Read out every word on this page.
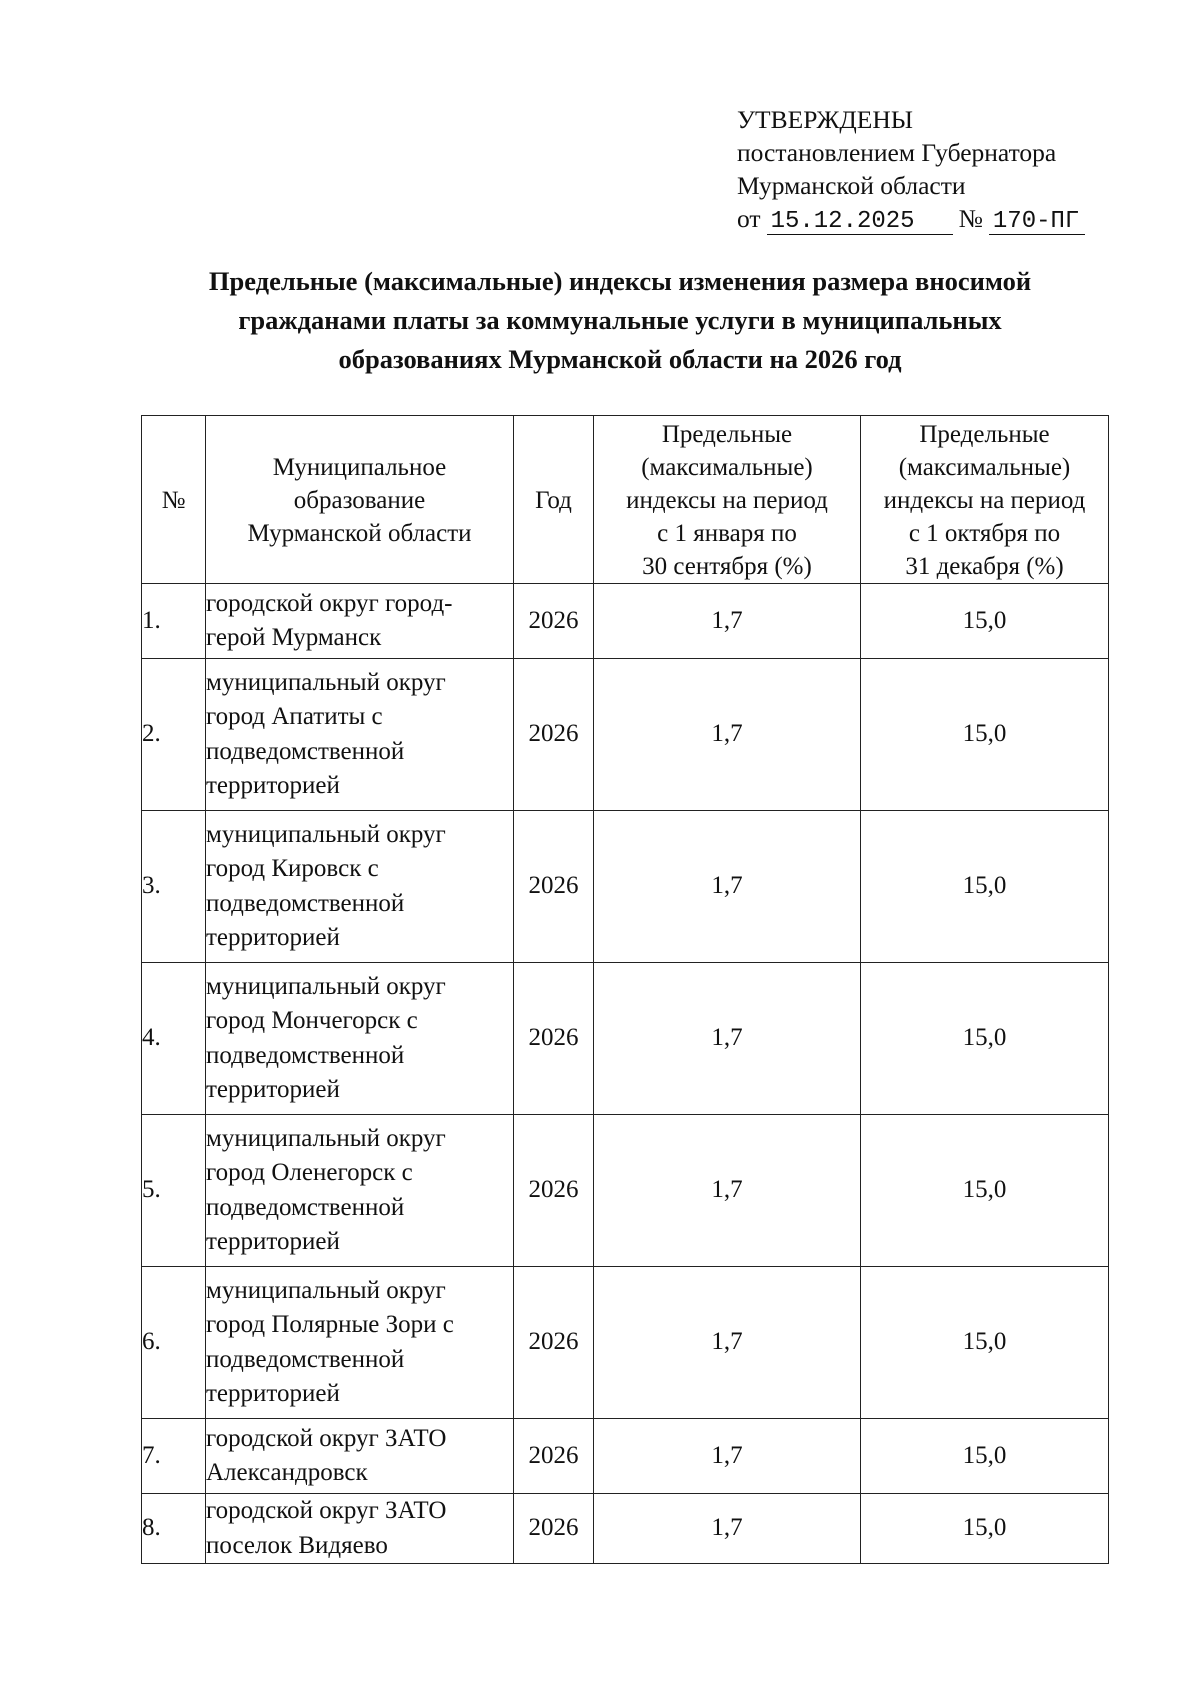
УТВЕРЖДЕНЫ
постановлением Губернатора
Мурманской области
от 15.12.2025 № 170-ПГ
Предельные (максимальные) индексы изменения размера вносимой
гражданами платы за коммунальные услуги в муниципальных
образованиях Мурманской области на 2026 год
№	Муниципальное
образование
Мурманской области	Год	Предельные
(максимальные)
индексы на период
с 1 января по
30 сентября (%)	Предельные
(максимальные)
индексы на период
с 1 октября по
31 декабря (%)
1.	городской округ город-
герой Мурманск	2026	1,7	15,0
2.	муниципальный округ
город Апатиты с
подведомственной
территорией	2026	1,7	15,0
3.	муниципальный округ
город Кировск с
подведомственной
территорией	2026	1,7	15,0
4.	муниципальный округ
город Мончегорск с
подведомственной
территорией	2026	1,7	15,0
5.	муниципальный округ
город Оленегорск с
подведомственной
территорией	2026	1,7	15,0
6.	муниципальный округ
город Полярные Зори с
подведомственной
территорией	2026	1,7	15,0
7.	городской округ ЗАТО
Александровск	2026	1,7	15,0
8.	городской округ ЗАТО
поселок Видяево	2026	1,7	15,0
